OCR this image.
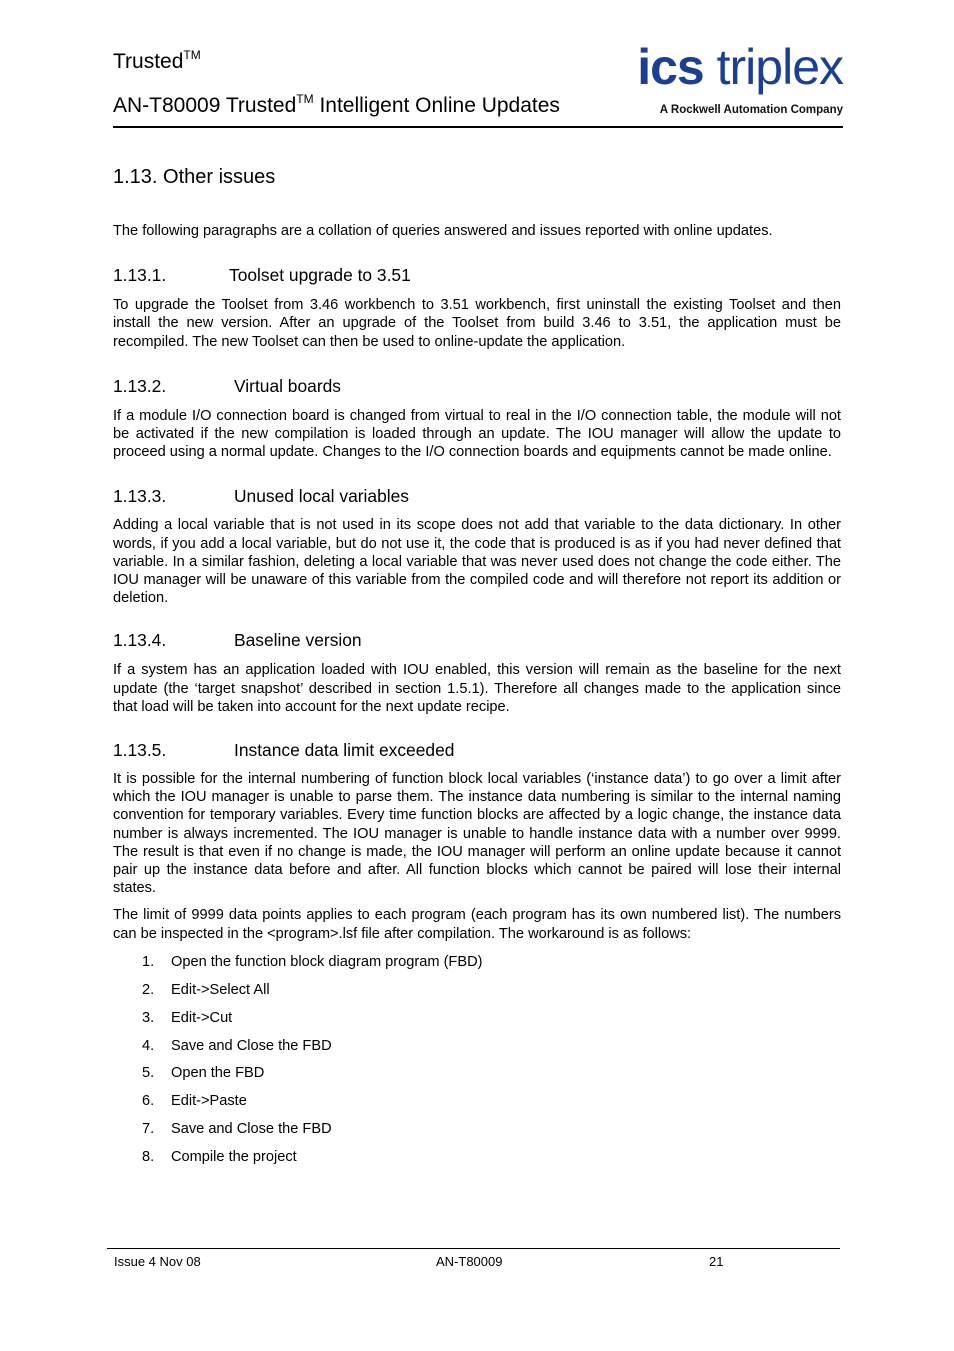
Trusted™
AN-T80009 Trusted™ Intelligent Online Updates
ics triplex
A Rockwell Automation Company
1.13. Other issues

The following paragraphs are a collation of queries answered and issues reported with online updates.

1.13.1.	Toolset upgrade to 3.51

To upgrade the Toolset from 3.46 workbench to 3.51 workbench, first uninstall the existing Toolset and then install the new version. After an upgrade of the Toolset from build 3.46 to 3.51, the application must be recompiled. The new Toolset can then be used to online-update the application.

1.13.2.	Virtual boards

If a module I/O connection board is changed from virtual to real in the I/O connection table, the module will not be activated if the new compilation is loaded through an update. The IOU manager will allow the update to proceed using a normal update. Changes to the I/O connection boards and equipments cannot be made online.

1.13.3.	Unused local variables

Adding a local variable that is not used in its scope does not add that variable to the data dictionary. In other words, if you add a local variable, but do not use it, the code that is produced is as if you had never defined that variable. In a similar fashion, deleting a local variable that was never used does not change the code either. The IOU manager will be unaware of this variable from the compiled code and will therefore not report its addition or deletion.

1.13.4.	Baseline version

If a system has an application loaded with IOU enabled, this version will remain as the baseline for the next update (the ‘target snapshot’ described in section 1.5.1). Therefore all changes made to the application since that load will be taken into account for the next update recipe.

1.13.5.	Instance data limit exceeded

It is possible for the internal numbering of function block local variables (‘instance data’) to go over a limit after which the IOU manager is unable to parse them. The instance data numbering is similar to the internal naming convention for temporary variables. Every time function blocks are affected by a logic change, the instance data number is always incremented. The IOU manager is unable to handle instance data with a number over 9999. The result is that even if no change is made, the IOU manager will perform an online update because it cannot pair up the instance data before and after. All function blocks which cannot be paired will lose their internal states.

The limit of 9999 data points applies to each program (each program has its own numbered list). The numbers can be inspected in the <program>.lsf file after compilation. The workaround is as follows:

1.	Open the function block diagram program (FBD)
2.	Edit->Select All
3.	Edit->Cut
4.	Save and Close the FBD
5.	Open the FBD
6.	Edit->Paste
7.	Save and Close the FBD
8.	Compile the project
Issue 4 Nov 08	AN-T80009	21
